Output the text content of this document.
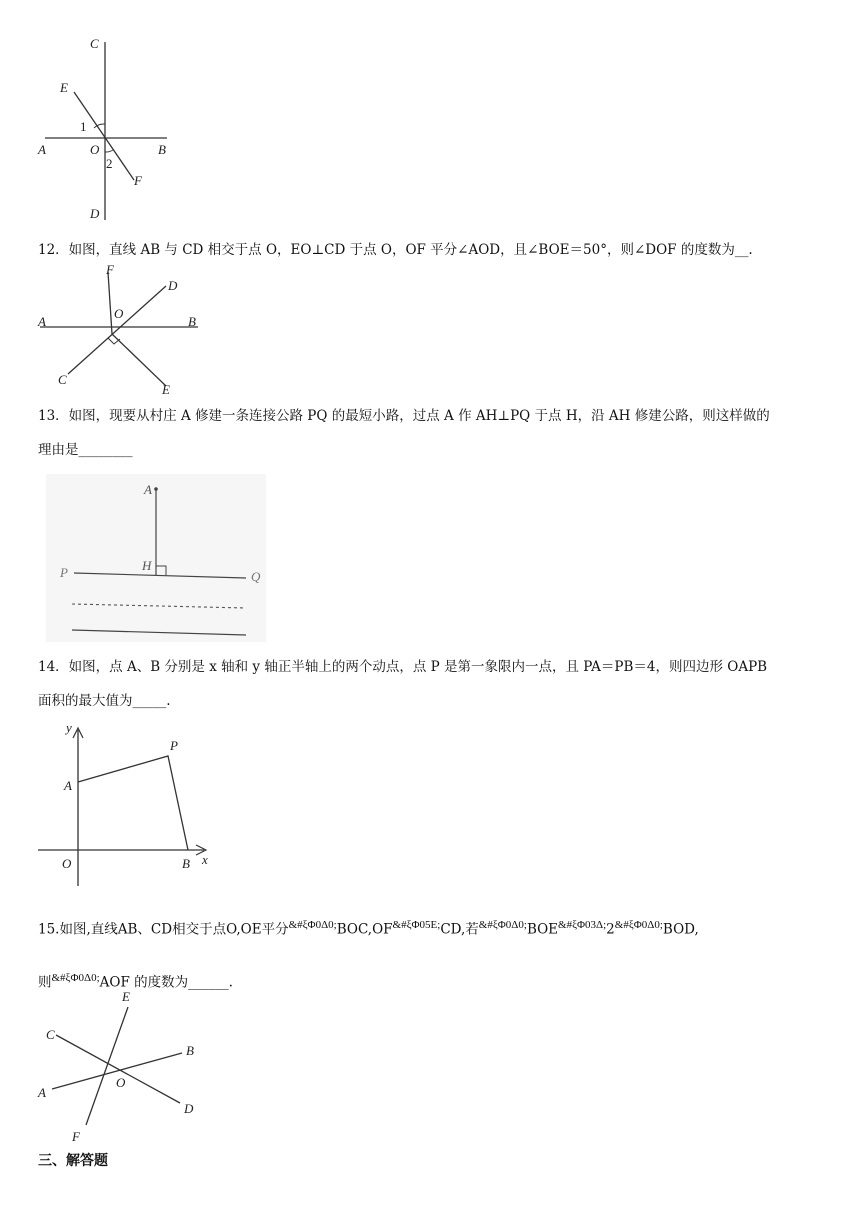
C
E
1
A	O	B
2
F
D
12．如图，直线 AB 与 CD 相交于点 O，EO⊥CD 于点 O，OF 平分∠AOD，且∠BOE＝50°，则∠DOF 的度数为__.
F
D
O
A	B
C
E
13．如图，现要从村庄 A 修建一条连接公路 PQ 的最短小路，过点 A 作 AH⊥PQ 于点 H，沿 AH 修建公路，则这样做的
理由是________
A
H
P	Q
14．如图，点 A、B 分别是 x 轴和 y 轴正半轴上的两个动点，点 P 是第一象限内一点，且 PA＝PB＝4，则四边形 OAPB
面积的最大值为_____.
y
P
A
O	B x
15.如图,直线AB、CD相交于点O,OE平分$^{\&\#\xi\Phi 0\Delta 0;}BOC,OF^{\&\#\xi\Phi 05E;}CD$,若$^{\&\#\xi\Phi 0\Delta 0;}BOE^{\&\#\xi\Phi 03\Delta;}2^{\&\#\xi\Phi 0\Delta 0;}BOD$,
则$^{\&\#\xi\Phi 0\Delta 0;}$AOF 的度数为______.
E
C
B
A
O
D
F
三、解答题
